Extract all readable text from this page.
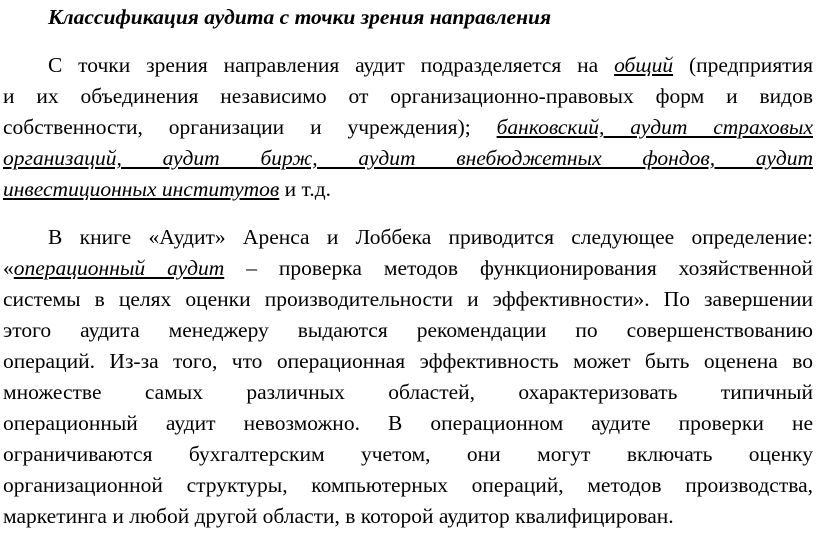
Классификация аудита с точки зрения направления
С точки зрения направления аудит подразделяется на общий (предприятия
и их объединения независимо от организационно-правовых форм и видов
собственности, организации и учреждения); банковский, аудит страховых
организаций, аудит бирж, аудит внебюджетных фондов, аудит
инвестиционных институтов и т.д.
В книге «Аудит» Аренса и Лоббека приводится следующее определение:
«операционный аудит – проверка методов функционирования хозяйственной
системы в целях оценки производительности и эффективности». По завершении
этого аудита менеджеру выдаются рекомендации по совершенствованию
операций. Из-за того, что операционная эффективность может быть оценена во
множестве самых различных областей, охарактеризовать типичный
операционный аудит невозможно. В операционном аудите проверки не
ограничиваются бухгалтерским учетом, они могут включать оценку
организационной структуры, компьютерных операций, методов производства,
маркетинга и любой другой области, в которой аудитор квалифицирован.
